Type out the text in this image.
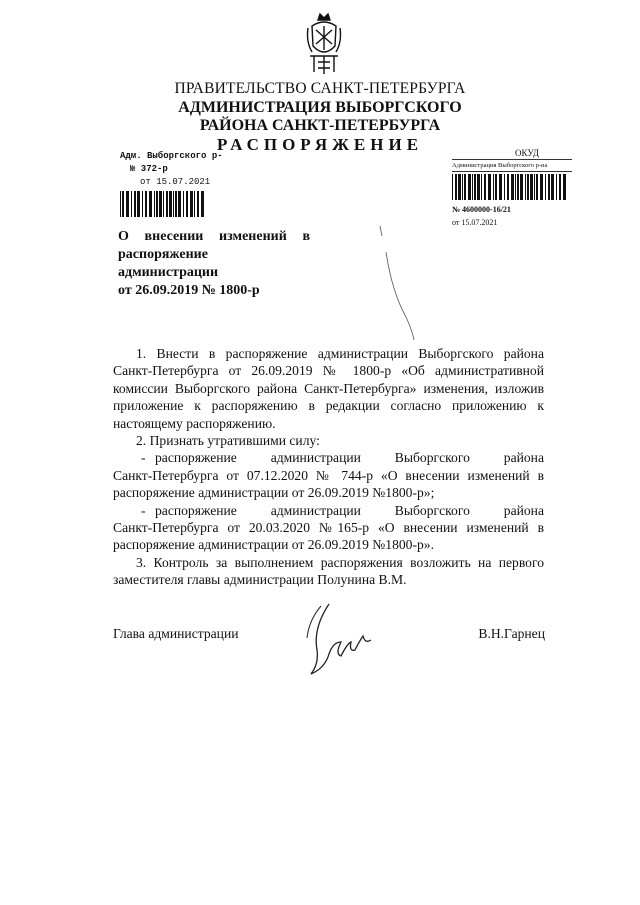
ПРАВИТЕЛЬСТВО САНКТ-ПЕТЕРБУРГА
АДМИНИСТРАЦИЯ ВЫБОРГСКОГО
РАЙОНА САНКТ-ПЕТЕРБУРГА
РАСПОРЯЖЕНИЕ
Адм. Выборгского р-
№ 372-р
от 15.07.2021
ОКУД
Администрация Выборгского р-на
№ 4600000-16/21
от 15.07.2021
О внесении изменений в
распоряжение администрации
от 26.09.2019 № 1800-р

1. Внести в распоряжение администрации Выборгского района Санкт-Петербурга от 26.09.2019 № 1800-р «Об административной комиссии Выборгского района Санкт-Петербурга» изменения, изложив приложение к распоряжению в редакции согласно приложению к настоящему распоряжению.

2. Признать утратившими силу:

- распоряжение администрации Выборгского района

Санкт-Петербурга от 07.12.2020 № 744-р «О внесении изменений в распоряжение администрации от 26.09.2019 №1800-р»;

- распоряжение администрации Выборгского района

Санкт-Петербурга от 20.03.2020 №165-р «О внесении изменений в распоряжение администрации от 26.09.2019 №1800-р».

3. Контроль за выполнением распоряжения возложить на первого заместителя главы администрации Полунина В.М.

Глава администрации	В.Н.Гарнец
